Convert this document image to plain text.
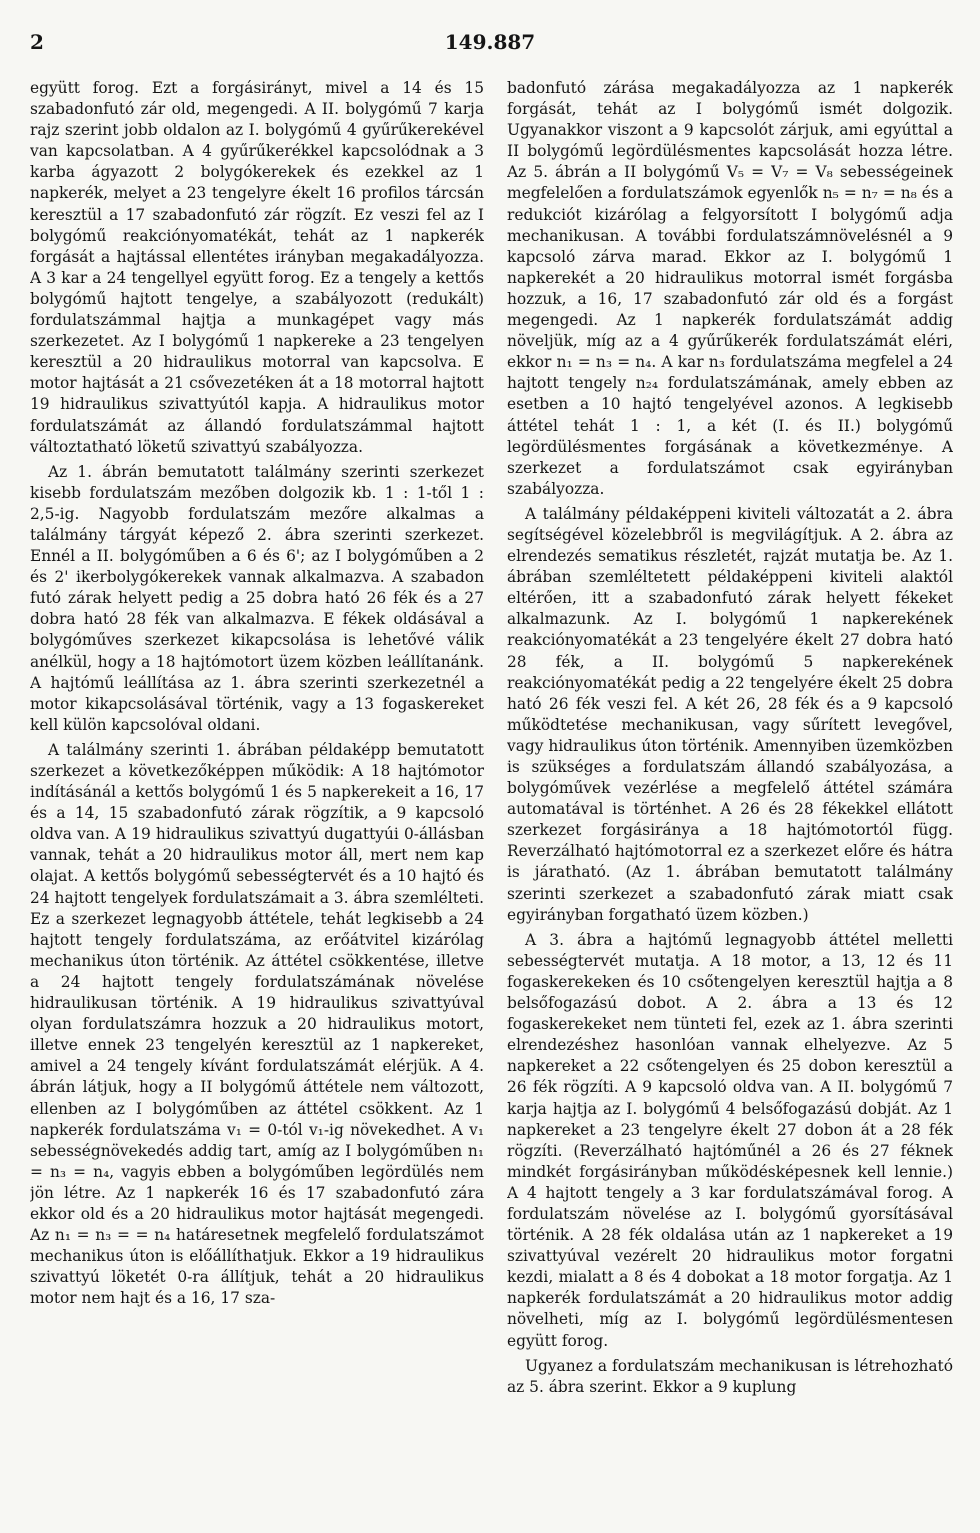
2	149.887

együtt forog. Ezt a forgásirányt, mivel a 14 és 15 szabadonfutó zár old, megengedi. A II. bolygómű 7 karja rajz szerint jobb oldalon az I. bolygómű 4 gyűrűkerekével van kapcsolatban. A 4 gyűrűkerékkel kapcsolódnak a 3 karba ágyazott 2 bolygókerekek és ezekkel az 1 napkerék, melyet a 23 tengelyre ékelt 16 profilos tárcsán keresztül a 17 szabadonfutó zár rögzít. Ez veszi fel az I bolygómű reakciónyomatékát, tehát az 1 napkerék forgását a hajtással ellentétes irányban megakadályozza. A 3 kar a 24 tengellyel együtt forog. Ez a tengely a kettős bolygómű hajtott tengelye, a szabályozott (redukált) fordulatszámmal hajtja a munkagépet vagy más szerkezetet. Az I bolygómű 1 napkereke a 23 tengelyen keresztül a 20 hidraulikus motorral van kapcsolva. E motor hajtását a 21 csővezetéken át a 18 motorral hajtott 19 hidraulikus szivattyútól kapja. A hidraulikus motor fordulatszámát az állandó fordulatszámmal hajtott változtatható löketű szivattyú szabályozza.

Az 1. ábrán bemutatott találmány szerinti szerkezet kisebb fordulatszám mezőben dolgozik kb. 1 : 1-től 1 : 2,5-ig. Nagyobb fordulatszám mezőre alkalmas a találmány tárgyát képező 2. ábra szerinti szerkezet. Ennél a II. bolygóműben a 6 és 6'; az I bolygóműben a 2 és 2' ikerbolygókerekek vannak alkalmazva. A szabadon futó zárak helyett pedig a 25 dobra ható 26 fék és a 27 dobra ható 28 fék van alkalmazva. E fékek oldásával a bolygóműves szerkezet kikapcsolása is lehetővé válik anélkül, hogy a 18 hajtómotort üzem közben leállítanánk. A hajtómű leállítása az 1. ábra szerinti szerkezetnél a motor kikapcsolásával történik, vagy a 13 fogaskereket kell külön kapcsolóval oldani.

A találmány szerinti 1. ábrában példaképp bemutatott szerkezet a következőképpen működik: A 18 hajtómotor indításánál a kettős bolygómű 1 és 5 napkerekeit a 16, 17 és a 14, 15 szabadonfutó zárak rögzítik, a 9 kapcsoló oldva van. A 19 hidraulikus szivattyú dugattyúi 0-állásban vannak, tehát a 20 hidraulikus motor áll, mert nem kap olajat. A kettős bolygómű sebességtervét és a 10 hajtó és 24 hajtott tengelyek fordulatszámait a 3. ábra szemlélteti. Ez a szerkezet legnagyobb áttétele, tehát legkisebb a 24 hajtott tengely fordulatszáma, az erőátvitel kizárólag mechanikus úton történik. Az áttétel csökkentése, illetve a 24 hajtott tengely fordulatszámának növelése hidraulikusan történik. A 19 hidraulikus szivattyúval olyan fordulatszámra hozzuk a 20 hidraulikus motort, illetve ennek 23 tengelyén keresztül az 1 napkereket, amivel a 24 tengely kívánt fordulatszámát elérjük. A 4. ábrán látjuk, hogy a II bolygómű áttétele nem változott, ellenben az I bolygóműben az áttétel csökkent. Az 1 napkerék fordulatszáma v₁ = 0-tól v₁-ig növekedhet. A v₁ sebességnövekedés addig tart, amíg az I bolygóműben n₁ = n₃ = n₄, vagyis ebben a bolygóműben legördülés nem jön létre. Az 1 napkerék 16 és 17 szabadonfutó zára ekkor old és a 20 hidraulikus motor hajtását megengedi. Az n₁ = n₃ = = n₄ határesetnek megfelelő fordulatszámot mechanikus úton is előállíthatjuk. Ekkor a 19 hidraulikus szivattyú löketét 0-ra állítjuk, tehát a 20 hidraulikus motor nem hajt és a 16, 17 sza-

badonfutó zárása megakadályozza az 1 napkerék forgását, tehát az I bolygómű ismét dolgozik. Ugyanakkor viszont a 9 kapcsolót zárjuk, ami egyúttal a II bolygómű legördülésmentes kapcsolását hozza létre. Az 5. ábrán a II bolygómű V₅ = V₇ = V₈ sebességeinek megfelelően a fordulatszámok egyenlők n₅ = n₇ = n₈ és a redukciót kizárólag a felgyorsított I bolygómű adja mechanikusan. A további fordulatszámnövelésnél a 9 kapcsoló zárva marad. Ekkor az I. bolygómű 1 napkerekét a 20 hidraulikus motorral ismét forgásba hozzuk, a 16, 17 szabadonfutó zár old és a forgást megengedi. Az 1 napkerék fordulatszámát addig növeljük, míg az a 4 gyűrűkerék fordulatszámát eléri, ekkor n₁ = n₃ = n₄. A kar n₃ fordulatszáma megfelel a 24 hajtott tengely n₂₄ fordulatszámának, amely ebben az esetben a 10 hajtó tengelyével azonos. A legkisebb áttétel tehát 1 : 1, a két (I. és II.) bolygómű legördülésmentes forgásának a következménye. A szerkezet a fordulatszámot csak egyirányban szabályozza.

A találmány példaképpeni kiviteli változatát a 2. ábra segítségével közelebbről is megvilágítjuk. A 2. ábra az elrendezés sematikus részletét, rajzát mutatja be. Az 1. ábrában szemléltetett példaképpeni kiviteli alaktól eltérően, itt a szabadonfutó zárak helyett fékeket alkalmazunk. Az I. bolygómű 1 napkerekének reakciónyomatékát a 23 tengelyére ékelt 27 dobra ható 28 fék, a II. bolygómű 5 napkerekének reakciónyomatékát pedig a 22 tengelyére ékelt 25 dobra ható 26 fék veszi fel. A két 26, 28 fék és a 9 kapcsoló működtetése mechanikusan, vagy sűrített levegővel, vagy hidraulikus úton történik. Amennyiben üzemközben is szükséges a fordulatszám állandó szabályozása, a bolygóművek vezérlése a megfelelő áttétel számára automatával is történhet. A 26 és 28 fékekkel ellátott szerkezet forgásiránya a 18 hajtómotortól függ. Reverzálható hajtómotorral ez a szerkezet előre és hátra is járatható. (Az 1. ábrában bemutatott találmány szerinti szerkezet a szabadonfutó zárak miatt csak egyirányban forgatható üzem közben.)

A 3. ábra a hajtómű legnagyobb áttétel melletti sebességtervét mutatja. A 18 motor, a 13, 12 és 11 fogaskerekeken és 10 csőtengelyen keresztül hajtja a 8 belsőfogazású dobot. A 2. ábra a 13 és 12 fogaskerekeket nem tünteti fel, ezek az 1. ábra szerinti elrendezéshez hasonlóan vannak elhelyezve. Az 5 napkereket a 22 csőtengelyen és 25 dobon keresztül a 26 fék rögzíti. A 9 kapcsoló oldva van. A II. bolygómű 7 karja hajtja az I. bolygómű 4 belsőfogazású dobját. Az 1 napkereket a 23 tengelyre ékelt 27 dobon át a 28 fék rögzíti. (Reverzálható hajtóműnél a 26 és 27 féknek mindkét forgásirányban működésképesnek kell lennie.) A 4 hajtott tengely a 3 kar fordulatszámával forog. A fordulatszám növelése az I. bolygómű gyorsításával történik. A 28 fék oldalása után az 1 napkereket a 19 szivattyúval vezérelt 20 hidraulikus motor forgatni kezdi, mialatt a 8 és 4 dobokat a 18 motor forgatja. Az 1 napkerék fordulatszámát a 20 hidraulikus motor addig növelheti, míg az I. bolygómű legördülésmentesen együtt forog.

Ugyanez a fordulatszám mechanikusan is létrehozható az 5. ábra szerint. Ekkor a 9 kuplung
